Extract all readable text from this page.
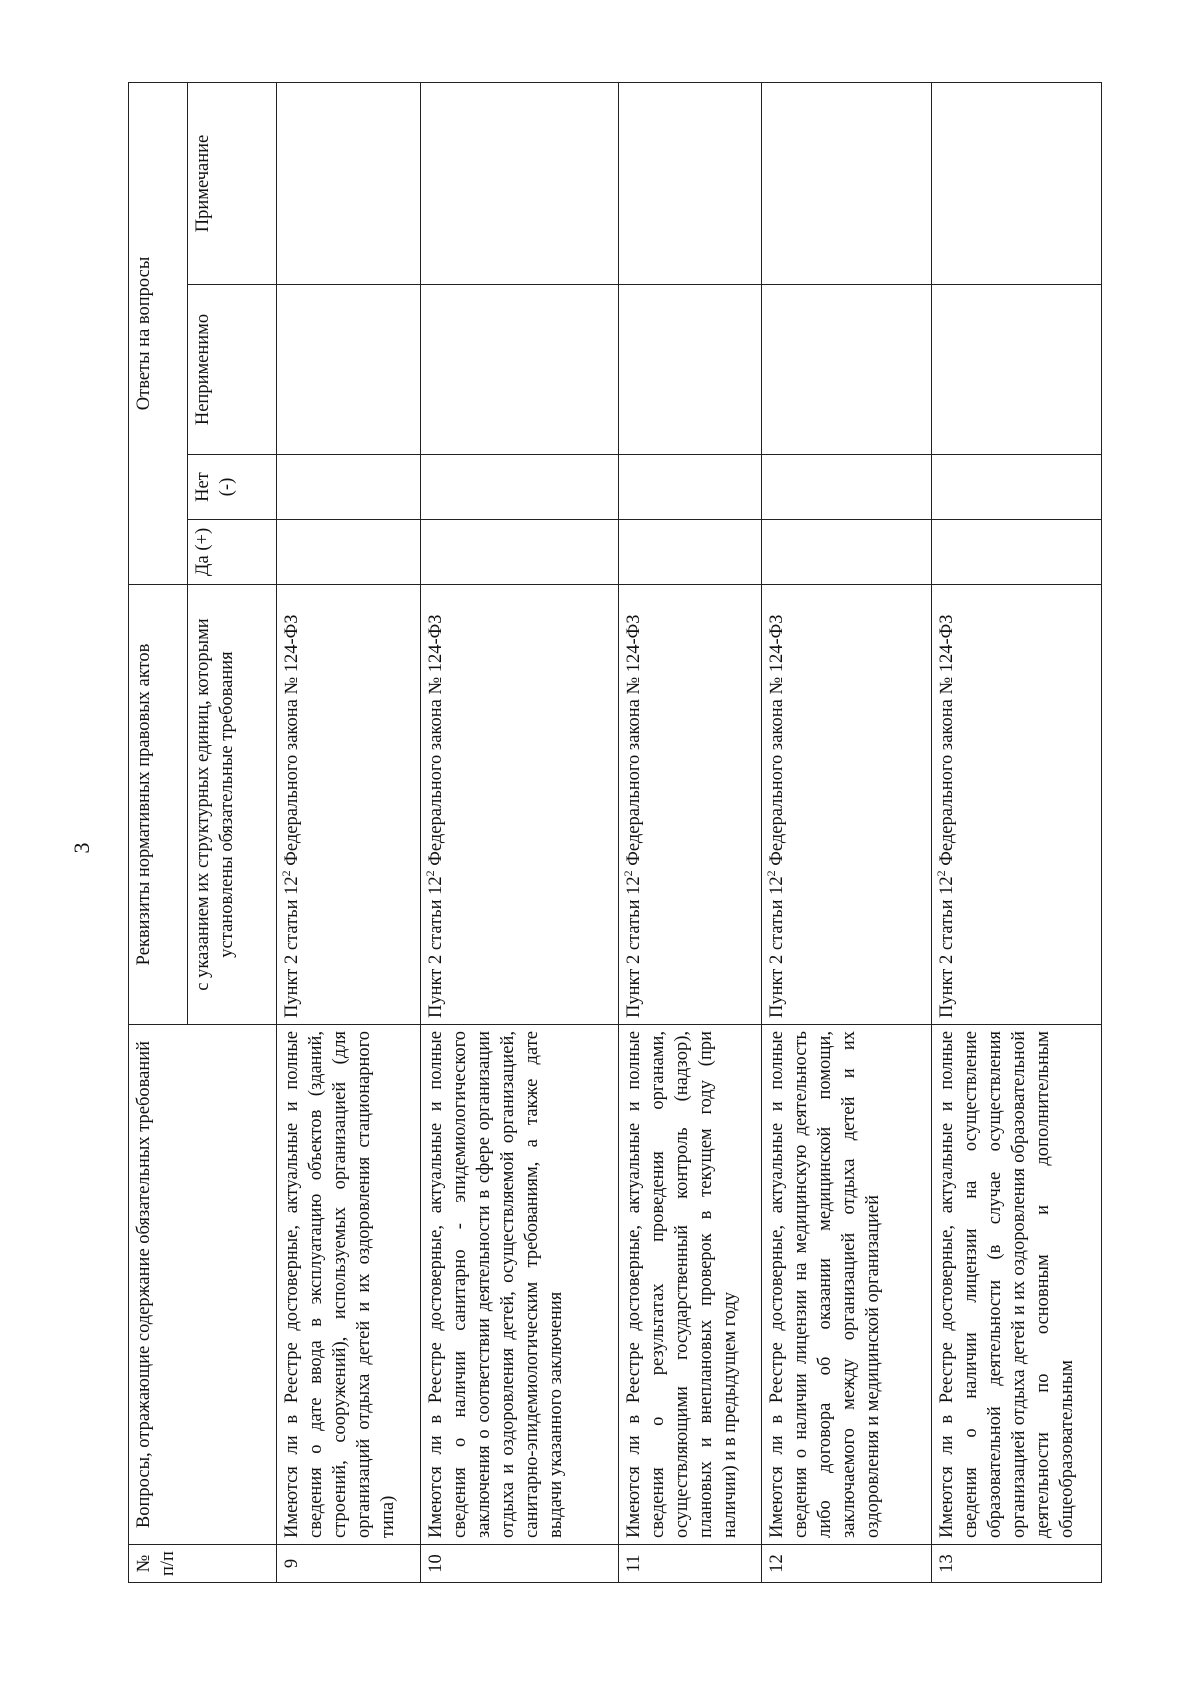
3
№ п/п	Вопросы, отражающие содержание обязательных требований	Реквизиты нормативных правовых актов	Ответы на вопросы			
		с указанием их структурных единиц, которыми установлены обязательные требования	Да (+)	Нет (-)	Неприменимо	Примечание
9	Имеются ли в Реестре достоверные, актуальные и полные сведения о дате ввода в эксплуатацию объектов (зданий, строений, сооружений), используемых организацией (для организаций отдыха детей и их оздоровления стационарного типа)	Пункт 2 статьи $12^2$ Федерального закона № 124-ФЗ				
10	Имеются ли в Реестре достоверные, актуальные и полные сведения о наличии санитарно - эпидемиологического заключения о соответствии деятельности в сфере организации отдыха и оздоровления детей, осуществляемой организацией, санитарно-эпидемиологическим требованиям, а также дате выдачи указанного заключения	Пункт 2 статьи $12^2$ Федерального закона № 124-ФЗ				
11	Имеются ли в Реестре достоверные, актуальные и полные сведения о результатах проведения органами, осуществляющими государственный контроль (надзор), плановых и внеплановых проверок в текущем году (при наличии) и в предыдущем году	Пункт 2 статьи $12^2$ Федерального закона № 124-ФЗ				
12	Имеются ли в Реестре достоверные, актуальные и полные сведения о наличии лицензии на медицинскую деятельность либо договора об оказании медицинской помощи, заключаемого между организацией отдыха детей и их оздоровления и медицинской организацией	Пункт 2 статьи $12^2$ Федерального закона № 124-ФЗ				
13	Имеются ли в Реестре достоверные, актуальные и полные сведения о наличии лицензии на осуществление образовательной деятельности (в случае осуществления организацией отдыха детей и их оздоровления образовательной деятельности по основным и дополнительным общеобразовательным	Пункт 2 статьи $12^2$ Федерального закона № 124-ФЗ				
